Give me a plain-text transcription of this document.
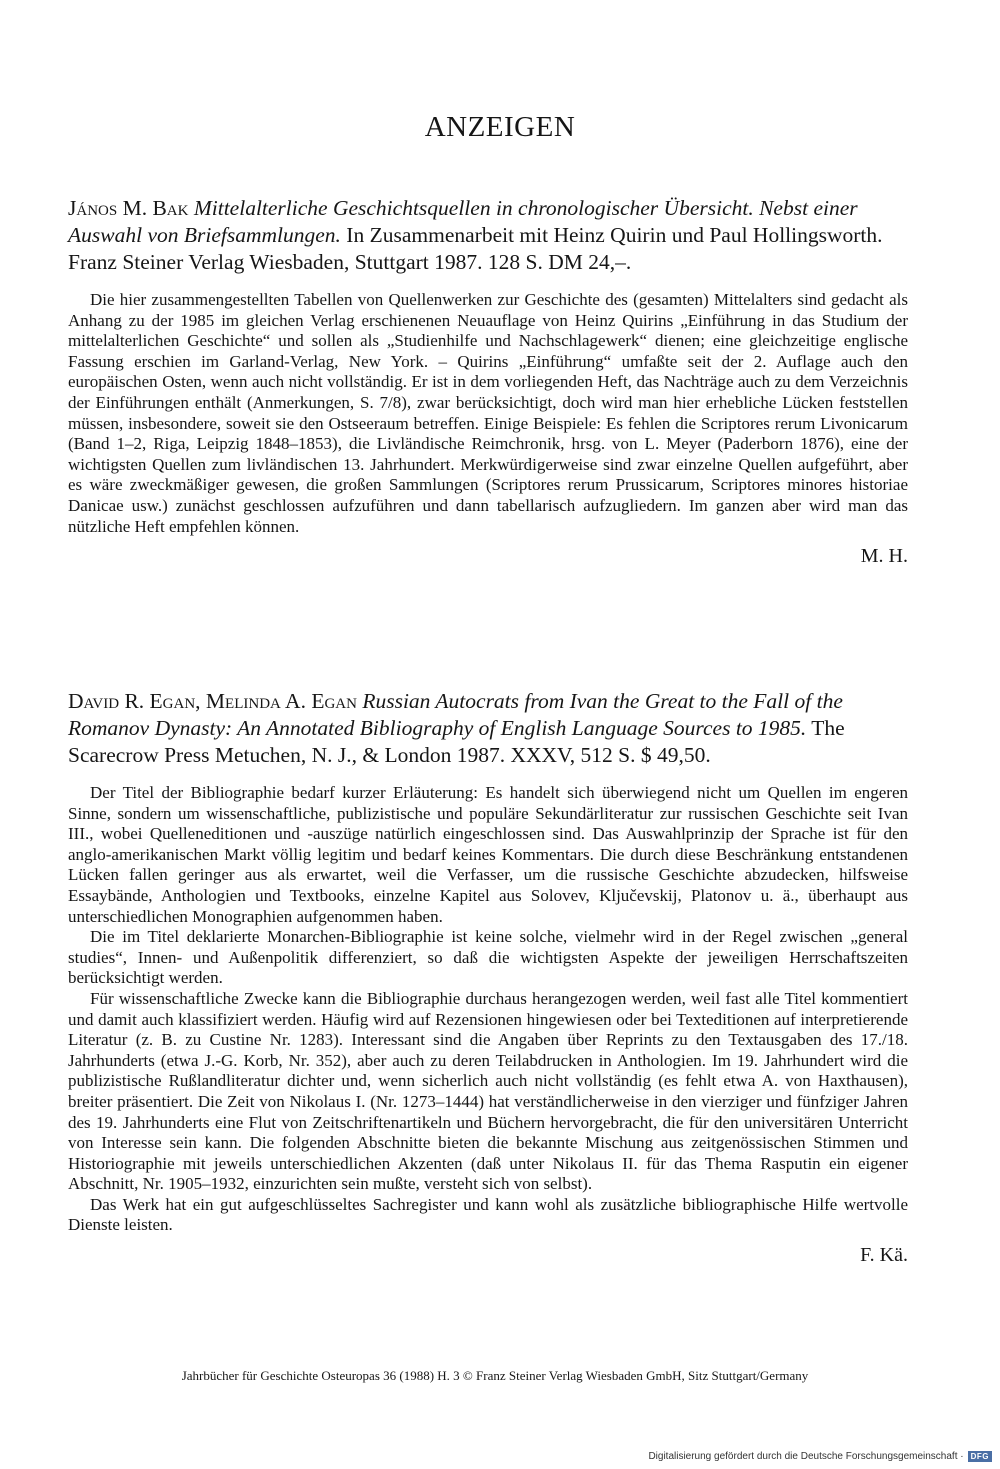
ANZEIGEN

János M. Bak Mittelalterliche Geschichtsquellen in chronologischer Übersicht. Nebst einer Auswahl von Briefsammlungen. In Zusammenarbeit mit Heinz Quirin und Paul Hollingsworth. Franz Steiner Verlag Wiesbaden, Stuttgart 1987. 128 S. DM 24,–.

Die hier zusammengestellten Tabellen von Quellenwerken zur Geschichte des (gesamten) Mittelalters sind gedacht als Anhang zu der 1985 im gleichen Verlag erschienenen Neuauflage von Heinz Quirins „Einführung in das Studium der mittelalterlichen Geschichte“ und sollen als „Studienhilfe und Nachschlagewerk“ dienen; eine gleichzeitige englische Fassung erschien im Garland-Verlag, New York. – Quirins „Einführung“ umfaßte seit der 2. Auflage auch den europäischen Osten, wenn auch nicht vollständig. Er ist in dem vorliegenden Heft, das Nachträge auch zu dem Verzeichnis der Einführungen enthält (Anmerkungen, S. 7/8), zwar berücksichtigt, doch wird man hier erhebliche Lücken feststellen müssen, insbesondere, soweit sie den Ostseeraum betreffen. Einige Beispiele: Es fehlen die Scriptores rerum Livonicarum (Band 1–2, Riga, Leipzig 1848–1853), die Livländische Reimchronik, hrsg. von L. Meyer (Paderborn 1876), eine der wichtigsten Quellen zum livländischen 13. Jahrhundert. Merkwürdigerweise sind zwar einzelne Quellen aufgeführt, aber es wäre zweckmäßiger gewesen, die großen Sammlungen (Scriptores rerum Prussicarum, Scriptores minores historiae Danicae usw.) zunächst geschlossen aufzuführen und dann tabellarisch aufzugliedern. Im ganzen aber wird man das nützliche Heft empfehlen können.

M. H.

David R. Egan, Melinda A. Egan Russian Autocrats from Ivan the Great to the Fall of the Romanov Dynasty: An Annotated Bibliography of English Language Sources to 1985. The Scarecrow Press Metuchen, N. J., & London 1987. XXXV, 512 S. $ 49,50.

Der Titel der Bibliographie bedarf kurzer Erläuterung: Es handelt sich überwiegend nicht um Quellen im engeren Sinne, sondern um wissenschaftliche, publizistische und populäre Sekundärliteratur zur russischen Geschichte seit Ivan III., wobei Quelleneditionen und -auszüge natürlich eingeschlossen sind. Das Auswahlprinzip der Sprache ist für den anglo-amerikanischen Markt völlig legitim und bedarf keines Kommentars. Die durch diese Beschränkung entstandenen Lücken fallen geringer aus als erwartet, weil die Verfasser, um die russische Geschichte abzudecken, hilfsweise Essaybände, Anthologien und Textbooks, einzelne Kapitel aus Solovev, Ključevskij, Platonov u. ä., überhaupt aus unterschiedlichen Monographien aufgenommen haben.

Die im Titel deklarierte Monarchen-Bibliographie ist keine solche, vielmehr wird in der Regel zwischen „general studies“, Innen- und Außenpolitik differenziert, so daß die wichtigsten Aspekte der jeweiligen Herrschaftszeiten berücksichtigt werden.

Für wissenschaftliche Zwecke kann die Bibliographie durchaus herangezogen werden, weil fast alle Titel kommentiert und damit auch klassifiziert werden. Häufig wird auf Rezensionen hingewiesen oder bei Texteditionen auf interpretierende Literatur (z. B. zu Custine Nr. 1283). Interessant sind die Angaben über Reprints zu den Textausgaben des 17./18. Jahrhunderts (etwa J.-G. Korb, Nr. 352), aber auch zu deren Teilabdrucken in Anthologien. Im 19. Jahrhundert wird die publizistische Rußlandliteratur dichter und, wenn sicherlich auch nicht vollständig (es fehlt etwa A. von Haxthausen), breiter präsentiert. Die Zeit von Nikolaus I. (Nr. 1273–1444) hat verständlicherweise in den vierziger und fünfziger Jahren des 19. Jahrhunderts eine Flut von Zeitschriftenartikeln und Büchern hervorgebracht, die für den universitären Unterricht von Interesse sein kann. Die folgenden Abschnitte bieten die bekannte Mischung aus zeitgenössischen Stimmen und Historiographie mit jeweils unterschiedlichen Akzenten (daß unter Nikolaus II. für das Thema Rasputin ein eigener Abschnitt, Nr. 1905–1932, einzurichten sein mußte, versteht sich von selbst).

Das Werk hat ein gut aufgeschlüsseltes Sachregister und kann wohl als zusätzliche bibliographische Hilfe wertvolle Dienste leisten.

F. Kä.

Jahrbücher für Geschichte Osteuropas 36 (1988) H. 3 © Franz Steiner Verlag Wiesbaden GmbH, Sitz Stuttgart/Germany
Digitalisierung gefördert durch die Deutsche Forschungsgemeinschaft · DFG
